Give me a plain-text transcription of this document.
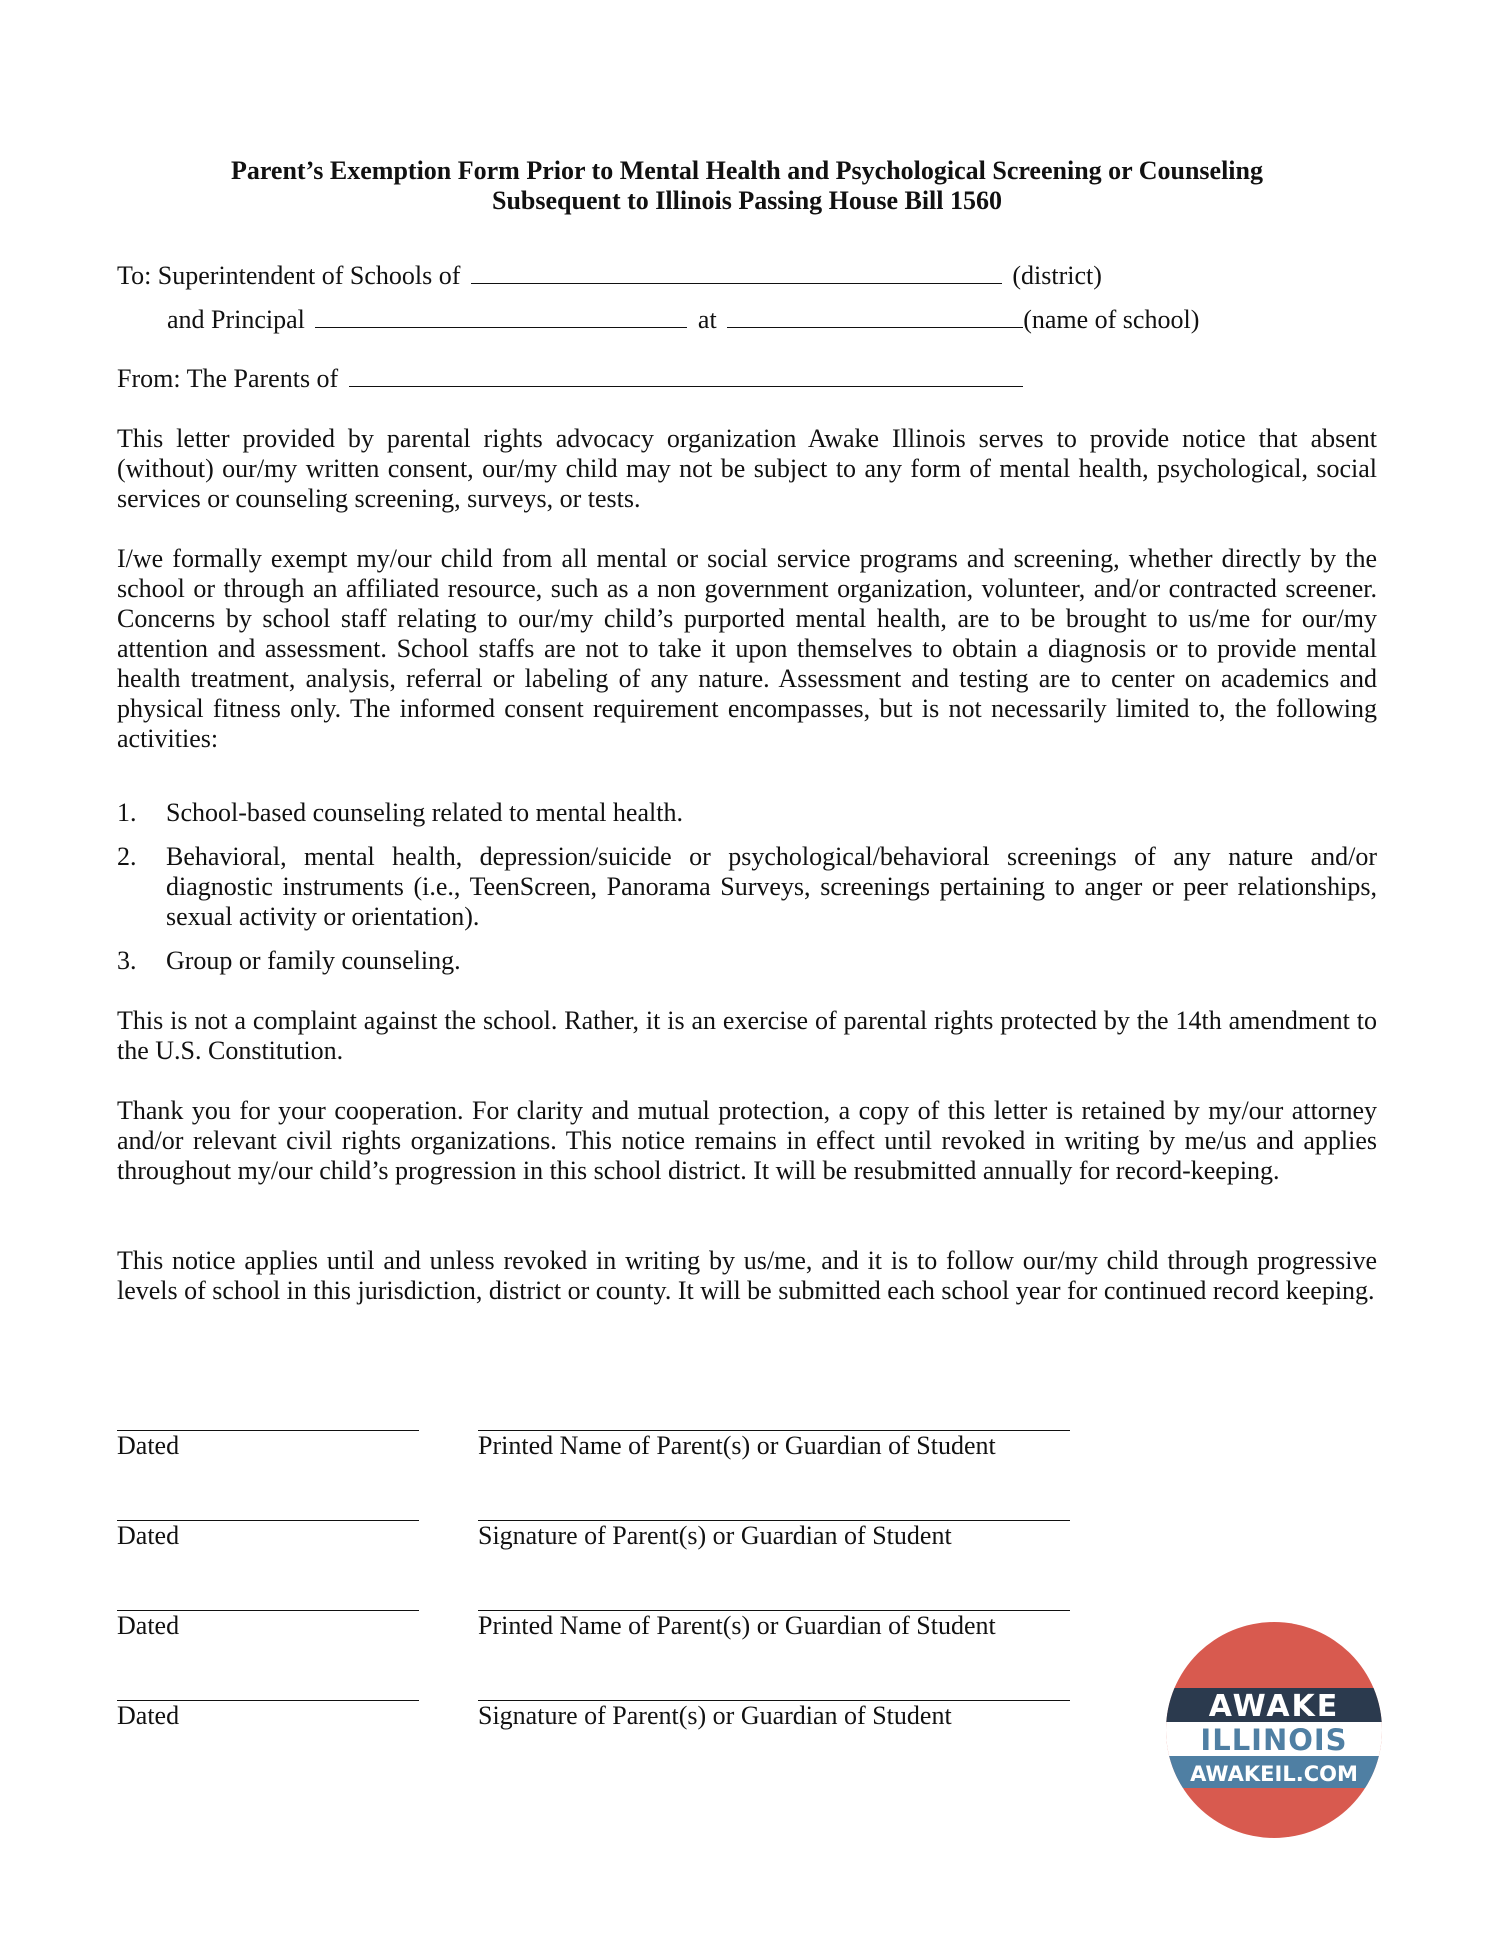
Parent’s Exemption Form Prior to Mental Health and Psychological Screening or Counseling
Subsequent to Illinois Passing House Bill 1560
To: Superintendent of Schools of	(district)
and Principal	at	(name of school)
From: The Parents of
This letter provided by parental rights advocacy organization Awake Illinois serves to provide notice that absent (without) our/my written consent, our/my child may not be subject to any form of mental health, psychological, social services or counseling screening, surveys, or tests.
I/we formally exempt my/our child from all mental or social service programs and screening, whether directly by the school or through an affiliated resource, such as a non government organization, volunteer, and/or contracted screener. Concerns by school staff relating to our/my child’s purported mental health, are to be brought to us/me for our/my attention and assessment. School staffs are not to take it upon themselves to obtain a diagnosis or to provide mental health treatment, analysis, referral or labeling of any nature. Assessment and testing are to center on academics and physical fitness only. The informed consent requirement encompasses, but is not necessarily limited to, the following activities:
1. School-based counseling related to mental health.
2. Behavioral, mental health, depression/suicide or psychological/behavioral screenings of any nature and/or diagnostic instruments (i.e., TeenScreen, Panorama Surveys, screenings pertaining to anger or peer relationships, sexual activity or orientation).
3. Group or family counseling.
This is not a complaint against the school. Rather, it is an exercise of parental rights protected by the 14th amendment to the U.S. Constitution.
Thank you for your cooperation. For clarity and mutual protection, a copy of this letter is retained by my/our attorney and/or relevant civil rights organizations. This notice remains in effect until revoked in writing by me/us and applies throughout my/our child’s progression in this school district. It will be resubmitted annually for record-keeping.
This notice applies until and unless revoked in writing by us/me, and it is to follow our/my child through progressive levels of school in this jurisdiction, district or county. It will be submitted each school year for continued record keeping.
Dated	Printed Name of Parent(s) or Guardian of Student
Dated	Signature of Parent(s) or Guardian of Student
Dated	Printed Name of Parent(s) or Guardian of Student
Dated	Signature of Parent(s) or Guardian of Student	AWAKE
ILLINOIS
AWAKEIL.COM
